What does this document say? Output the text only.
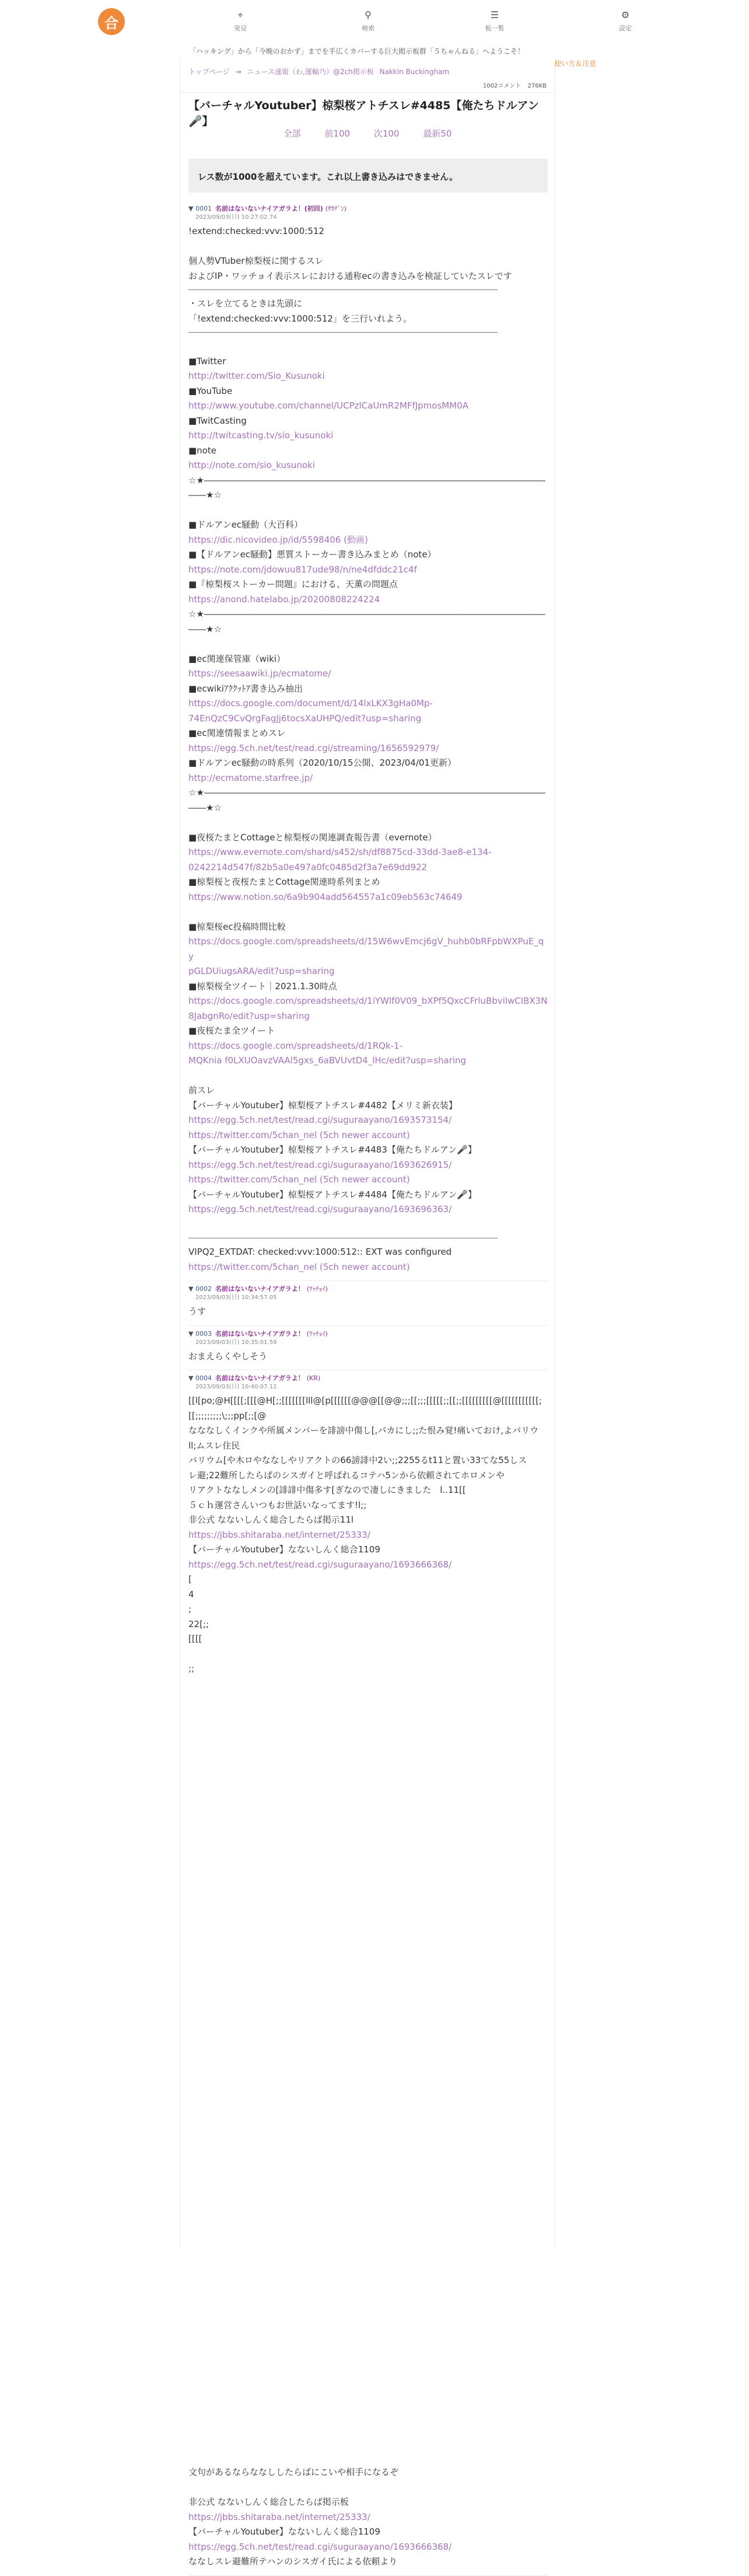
合	⌖
発見
⚲
検索
☰
板一覧
⚙
設定
「ハッキング」から「今晩のおかず」までを手広くカバーする巨大掲示板群「５ちゃんねる」へようこそ！
使い方＆注意
トップページ ⇒ ニュース速報（わ,運輸乃）@2ch掲示板 Nakkin Buckingham
1002コメント 276KB
【バーチャルYoutuber】椋梨桜アトチスレ#4485【俺たちドルアン🎤】
全部	前100	次100	最新50
レス数が1000を超えています。これ以上書き込みはできません。
▼ 0001 名前はないないナイアガラよ！(初回) (ｻｶﾃﾞﾝ)
2023/09/03(日) 10:27:02.74
!extend:checked:vvv:1000:512
個人勢VTuber椋梨桜に関するスレ
およびIP・ワッチョイ表示スレにおける通称ecの書き込みを検証していたスレです
・スレを立てるときは先頭に
「!extend:checked:vvv:1000:512」を三行いれよう。
■Twitter
http://twitter.com/Sio_Kusunoki
■YouTube
http://www.youtube.com/channel/UCPzlCaUmR2MFfJpmosMM0A
■TwitCasting
http://twitcasting.tv/sio_kusunoki
■note
http://note.com/sio_kusunoki
☆★―――――――――――――――――――――――――――――――――――――――――★☆
■ドルアンec騒動（大百科）
https://dic.nicovideo.jp/id/5598406 (動画)
■【ドルアンec騒動】悪質ストーカー書き込みまとめ（note）
https://note.com/jdowuu817ude98/n/ne4dfddc21c4f
■『椋梨桜ストーカー問題』における、天薫の問題点
https://anond.hatelabo.jp/20200808224224
☆★―――――――――――――――――――――――――――――――――――――――――★☆
■ec関連保管庫（wiki）
https://seesaawiki.jp/ecmatome/
■ecwikiｱｸｸｯﾄｱ書き込み抽出
https://docs.google.com/document/d/14lxLKX3gHa0Mp-
74EnQzC9CvQrgFagJj6tocsXaUHPQ/edit?usp=sharing
■ec関連情報まとめスレ
https://egg.5ch.net/test/read.cgi/streaming/1656592979/
■ドルアンec騒動の時系列（2020/10/15公開、2023/04/01更新）
http://ecmatome.starfree.jp/
☆★―――――――――――――――――――――――――――――――――――――――――★☆
■夜桜たまとCottageと椋梨桜の関連調査報告書（evernote）
https://www.evernote.com/shard/s452/sh/df8875cd-33dd-3ae8-e134-
0242214d547f/82b5a0e497a0fc0485d2f3a7e69dd922
■椋梨桜と夜桜たまとCottage関連時系列まとめ
https://www.notion.so/6a9b904add564557a1c09eb563c74649
■椋梨桜ec投稿時間比較
https://docs.google.com/spreadsheets/d/15W6wvEmcj6gV_huhb0bRFpbWXPuE_qy
pGLDUiugsARA/edit?usp=sharing
■椋梨桜全ツイート｜2021.1.30時点
https://docs.google.com/spreadsheets/d/1iYWlf0V09_bXPf5QxcCFrluBbvilwCIBX3N
8JabgnRo/edit?usp=sharing
■夜桜たま全ツイート
https://docs.google.com/spreadsheets/d/1RQk-1-
MQKnia f0LXUOavzVAAl5gxs_6aBVUvtD4_lHc/edit?usp=sharing
前スレ
【バーチャルYoutuber】椋梨桜アトチスレ#4482【メリミ新衣装】
https://egg.5ch.net/test/read.cgi/suguraayano/1693573154/
https://twitter.com/5chan_nel (5ch newer account)
【バーチャルYoutuber】椋梨桜アトチスレ#4483【俺たちドルアン🎤】
https://egg.5ch.net/test/read.cgi/suguraayano/1693626915/
https://twitter.com/5chan_nel (5ch newer account)
【バーチャルYoutuber】椋梨桜アトチスレ#4484【俺たちドルアン🎤】
https://egg.5ch.net/test/read.cgi/suguraayano/1693696363/
VIPQ2_EXTDAT: checked:vvv:1000:512:: EXT was configured
https://twitter.com/5chan_nel (5ch newer account)
▼ 0002 名前はないないナイアガラよ！ (ﾜｯﾁｮｲ)
2023/09/03(日) 10:34:57.05
うす
▼ 0003 名前はないないナイアガラよ！ (ﾜｯﾁｮｲ)
2023/09/03(日) 10:35:01.59
おまえらくやしそう
▼ 0004 名前はないないナイアガラよ！ (KR)
2023/09/03(日) 10:40:07.12
[[l[po;@H[[[[;[[[@H[;;[[[[[[[lll@[p[[[[[[@@@[[@@;;;[[;;;[[[[[;;[[;;[[[[[[[[[@[[[[[[[[[[[;
[[;;;;;;;;;\;;;pp[;;[@
なななしくインクや所属メンバーを誹謗中傷し[,パカにし;;た恨み覚!痛いておけ,よバリウ
ll;ムスレ住民
バリウム[や木ロやななしやリアクトの66謗誹中2い;;2255るt11と置い33てな55しス
レ避;22難所したらぱのシスガイと呼ばれるコテハ5ンから依頼されてホロメンや
リアクトななしメンの[誹誹中傷多す[ぎなので凄しにきました　l..11[[
５ｃｈ運営さんいつもお世話いなってます!l;;
非公式 なないしんく総合したらば掲示11l
https://jbbs.shitaraba.net/internet/25333/
【バーチャルYoutuber】なないしんく総合1109
https://egg.5ch.net/test/read.cgi/suguraayano/1693666368/
[
4
;
22[;;
[[[[
;;
文句があるならななししたらばにこいや相手になるぞ
非公式 なないしんく総合したらば掲示板
https://jbbs.shitaraba.net/internet/25333/
【バーチャルYoutuber】なないしんく総合1109
https://egg.5ch.net/test/read.cgi/suguraayano/1693666368/
ななしスレ避難所テハンのシスガイ氏による依頼より
